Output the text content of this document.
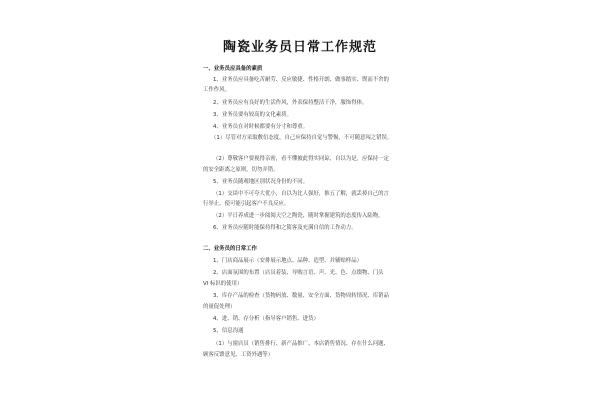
陶瓷业务员日常工作规范
一、业务员应具备的素质
1、业务员应具备吃苦耐劳、反应敏捷、性格开朗、做事踏实、锲而不舍的
工作作风。
2、业务员应有良好的生活作风，外表保持整洁干净，服饰得体。
3、业务员要有较高的文化素质。
4、业务员在对时候都要有分寸和尊重。
（1）尽管对方采取敷衍态度，自己应保持自觉与警惕，不可随意闯之错误。
（2）尊敬客户要视得亲密，看不懂被此得实同谅，自以为是，应保持一定
的安全距离之原则，切勿弄错。
5、业务员随观地区别状况身份的不同。
（1）交谈中不可夸大优小，自以为比人强好，推五了解，就丢掉自己的言
行举止，使可能引起客户不良反应。
（2）平日养成进一步阅阅天空之陶瓷，随时掌握建筑的态度传入陆物。
6、业务员应随时能保持得和之简客及充满自信的工作动力。
二、业务员的日常工作
1、门店商品展示（安排展示地点、品种、造型、并辅贴样品）
2、店面氛围的布置（店员着装、导购言语、声、光、色、点缀物、门头
VI 标识的使用）
3、库存产品的检查（货物码放、数量、安全方面、货物周转情况、库销品
的量促处理）
4、进、销、存分析（指导客户销售、进货）
5、信息沟通
（1）与窗店员（销售排行、新产品推广、本店销售情况、存在什么问题、
顾客反馈意见、工资外遇等）
